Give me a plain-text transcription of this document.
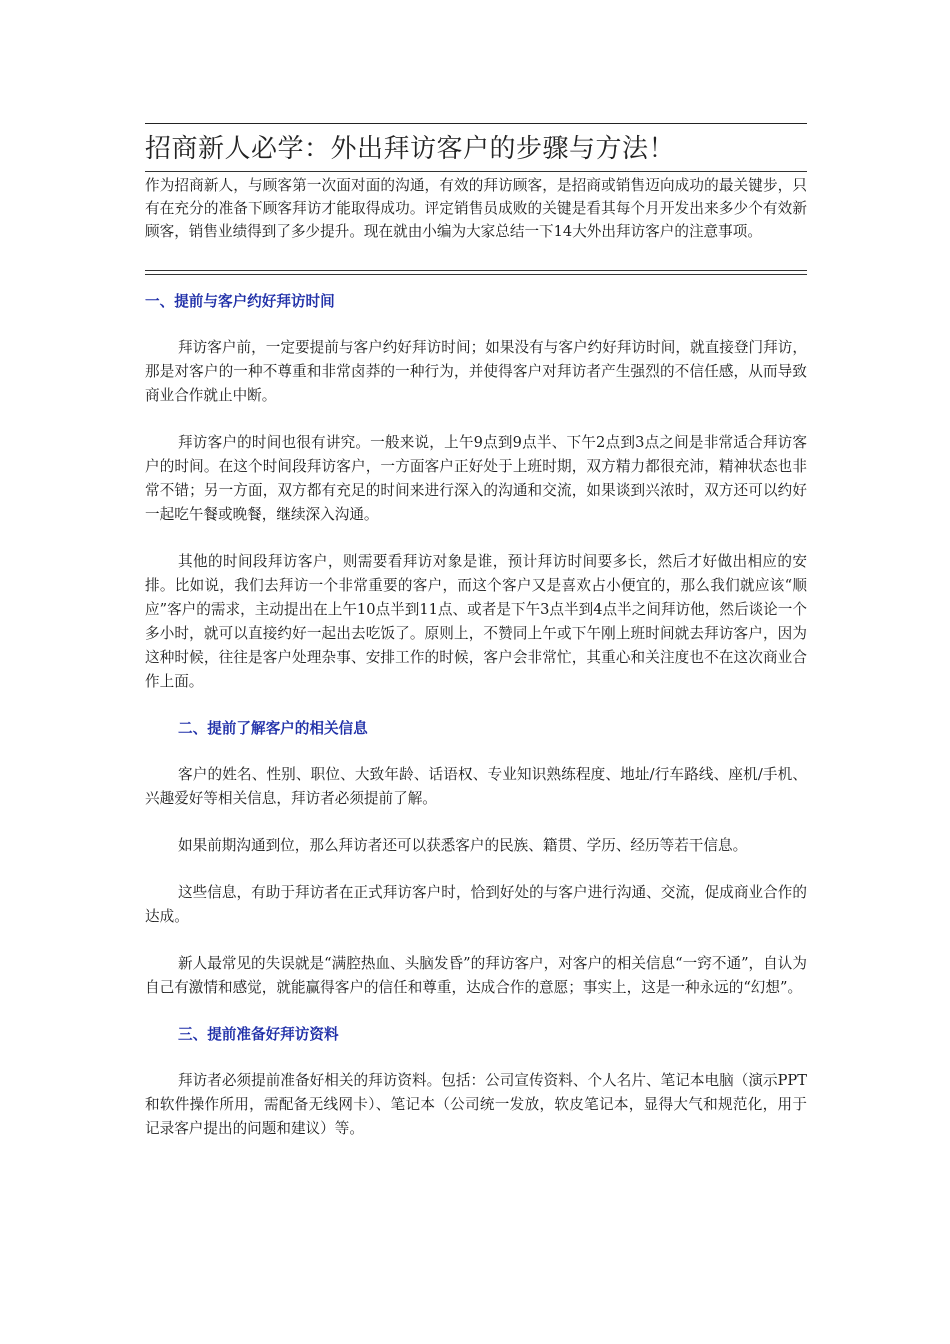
招商新人必学：外出拜访客户的步骤与方法！
作为招商新人，与顾客第一次面对面的沟通，有效的拜访顾客，是招商或销售迈向成功的最关键步，只有在充分的准备下顾客拜访才能取得成功。评定销售员成败的关键是看其每个月开发出来多少个有效新顾客，销售业绩得到了多少提升。现在就由小编为大家总结一下14大外出拜访客户的注意事项。
一、提前与客户约好拜访时间

拜访客户前，一定要提前与客户约好拜访时间；如果没有与客户约好拜访时间，就直接登门拜访，那是对客户的一种不尊重和非常卤莽的一种行为，并使得客户对拜访者产生强烈的不信任感，从而导致商业合作就止中断。

拜访客户的时间也很有讲究。一般来说，上午9点到9点半、下午2点到3点之间是非常适合拜访客户的时间。在这个时间段拜访客户，一方面客户正好处于上班时期，双方精力都很充沛，精神状态也非常不错；另一方面，双方都有充足的时间来进行深入的沟通和交流，如果谈到兴浓时，双方还可以约好一起吃午餐或晚餐，继续深入沟通。

其他的时间段拜访客户，则需要看拜访对象是谁，预计拜访时间要多长，然后才好做出相应的安排。比如说，我们去拜访一个非常重要的客户，而这个客户又是喜欢占小便宜的，那么我们就应该“顺应”客户的需求，主动提出在上午10点半到11点、或者是下午3点半到4点半之间拜访他，然后谈论一个多小时，就可以直接约好一起出去吃饭了。原则上，不赞同上午或下午刚上班时间就去拜访客户，因为这种时候，往往是客户处理杂事、安排工作的时候，客户会非常忙，其重心和关注度也不在这次商业合作上面。

二、提前了解客户的相关信息

客户的姓名、性别、职位、大致年龄、话语权、专业知识熟练程度、地址/行车路线、座机/手机、兴趣爱好等相关信息，拜访者必须提前了解。

如果前期沟通到位，那么拜访者还可以获悉客户的民族、籍贯、学历、经历等若干信息。

这些信息，有助于拜访者在正式拜访客户时，恰到好处的与客户进行沟通、交流，促成商业合作的达成。

新人最常见的失误就是“满腔热血、头脑发昏”的拜访客户，对客户的相关信息“一窍不通”，自认为自己有激情和感觉，就能赢得客户的信任和尊重，达成合作的意愿；事实上，这是一种永远的“幻想”。

三、提前准备好拜访资料

拜访者必须提前准备好相关的拜访资料。包括：公司宣传资料、个人名片、笔记本电脑（演示PPT和软件操作所用，需配备无线网卡）、笔记本（公司统一发放，软皮笔记本，显得大气和规范化，用于记录客户提出的问题和建议）等。
